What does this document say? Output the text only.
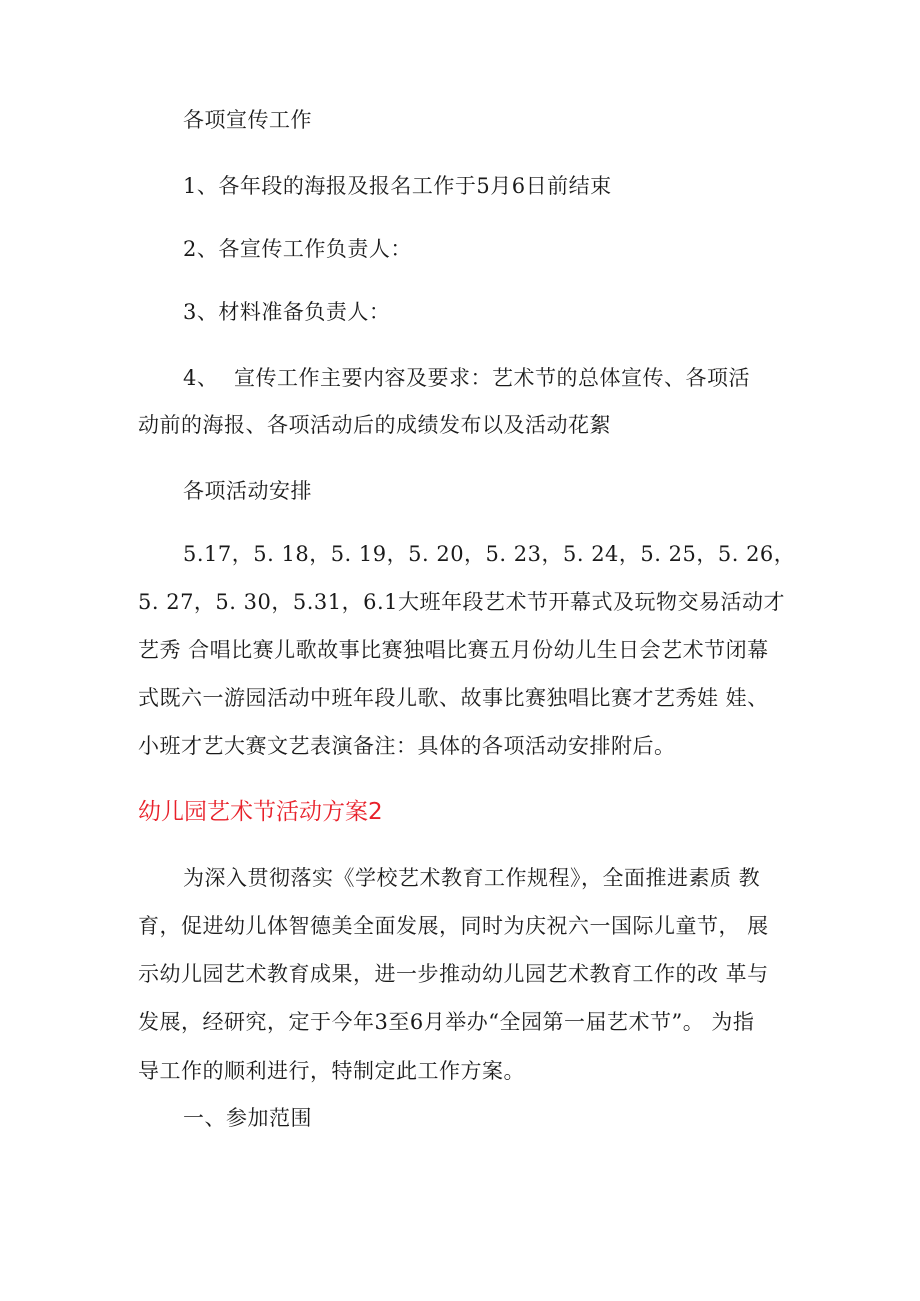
各项宣传工作
1、各年段的海报及报名工作于5月6日前结束
2、各宣传工作负责人：
3、材料准备负责人：
4、 宣传工作主要内容及要求：艺术节的总体宣传、各项活
动前的海报、各项活动后的成绩发布以及活动花絮
各项活动安排
5.17，5. 18，5. 19，5. 20，5. 23，5. 24，5. 25，5. 26，
5. 27，5. 30，5.31，6.1大班年段艺术节开幕式及玩物交易活动才
艺秀 合唱比赛儿歌故事比赛独唱比赛五月份幼儿生日会艺术节闭幕
式既六一游园活动中班年段儿歌、故事比赛独唱比赛才艺秀娃 娃、
小班才艺大赛文艺表演备注：具体的各项活动安排附后。
幼儿园艺术节活动方案2
为深入贯彻落实《学校艺术教育工作规程》，全面推进素质 教
育，促进幼儿体智德美全面发展，同时为庆祝六一国际儿童节， 展
示幼儿园艺术教育成果，进一步推动幼儿园艺术教育工作的改 革与
发展，经研究，定于今年3至6月举办“全园第一届艺术节”。 为指
导工作的顺利进行，特制定此工作方案。
一、参加范围
